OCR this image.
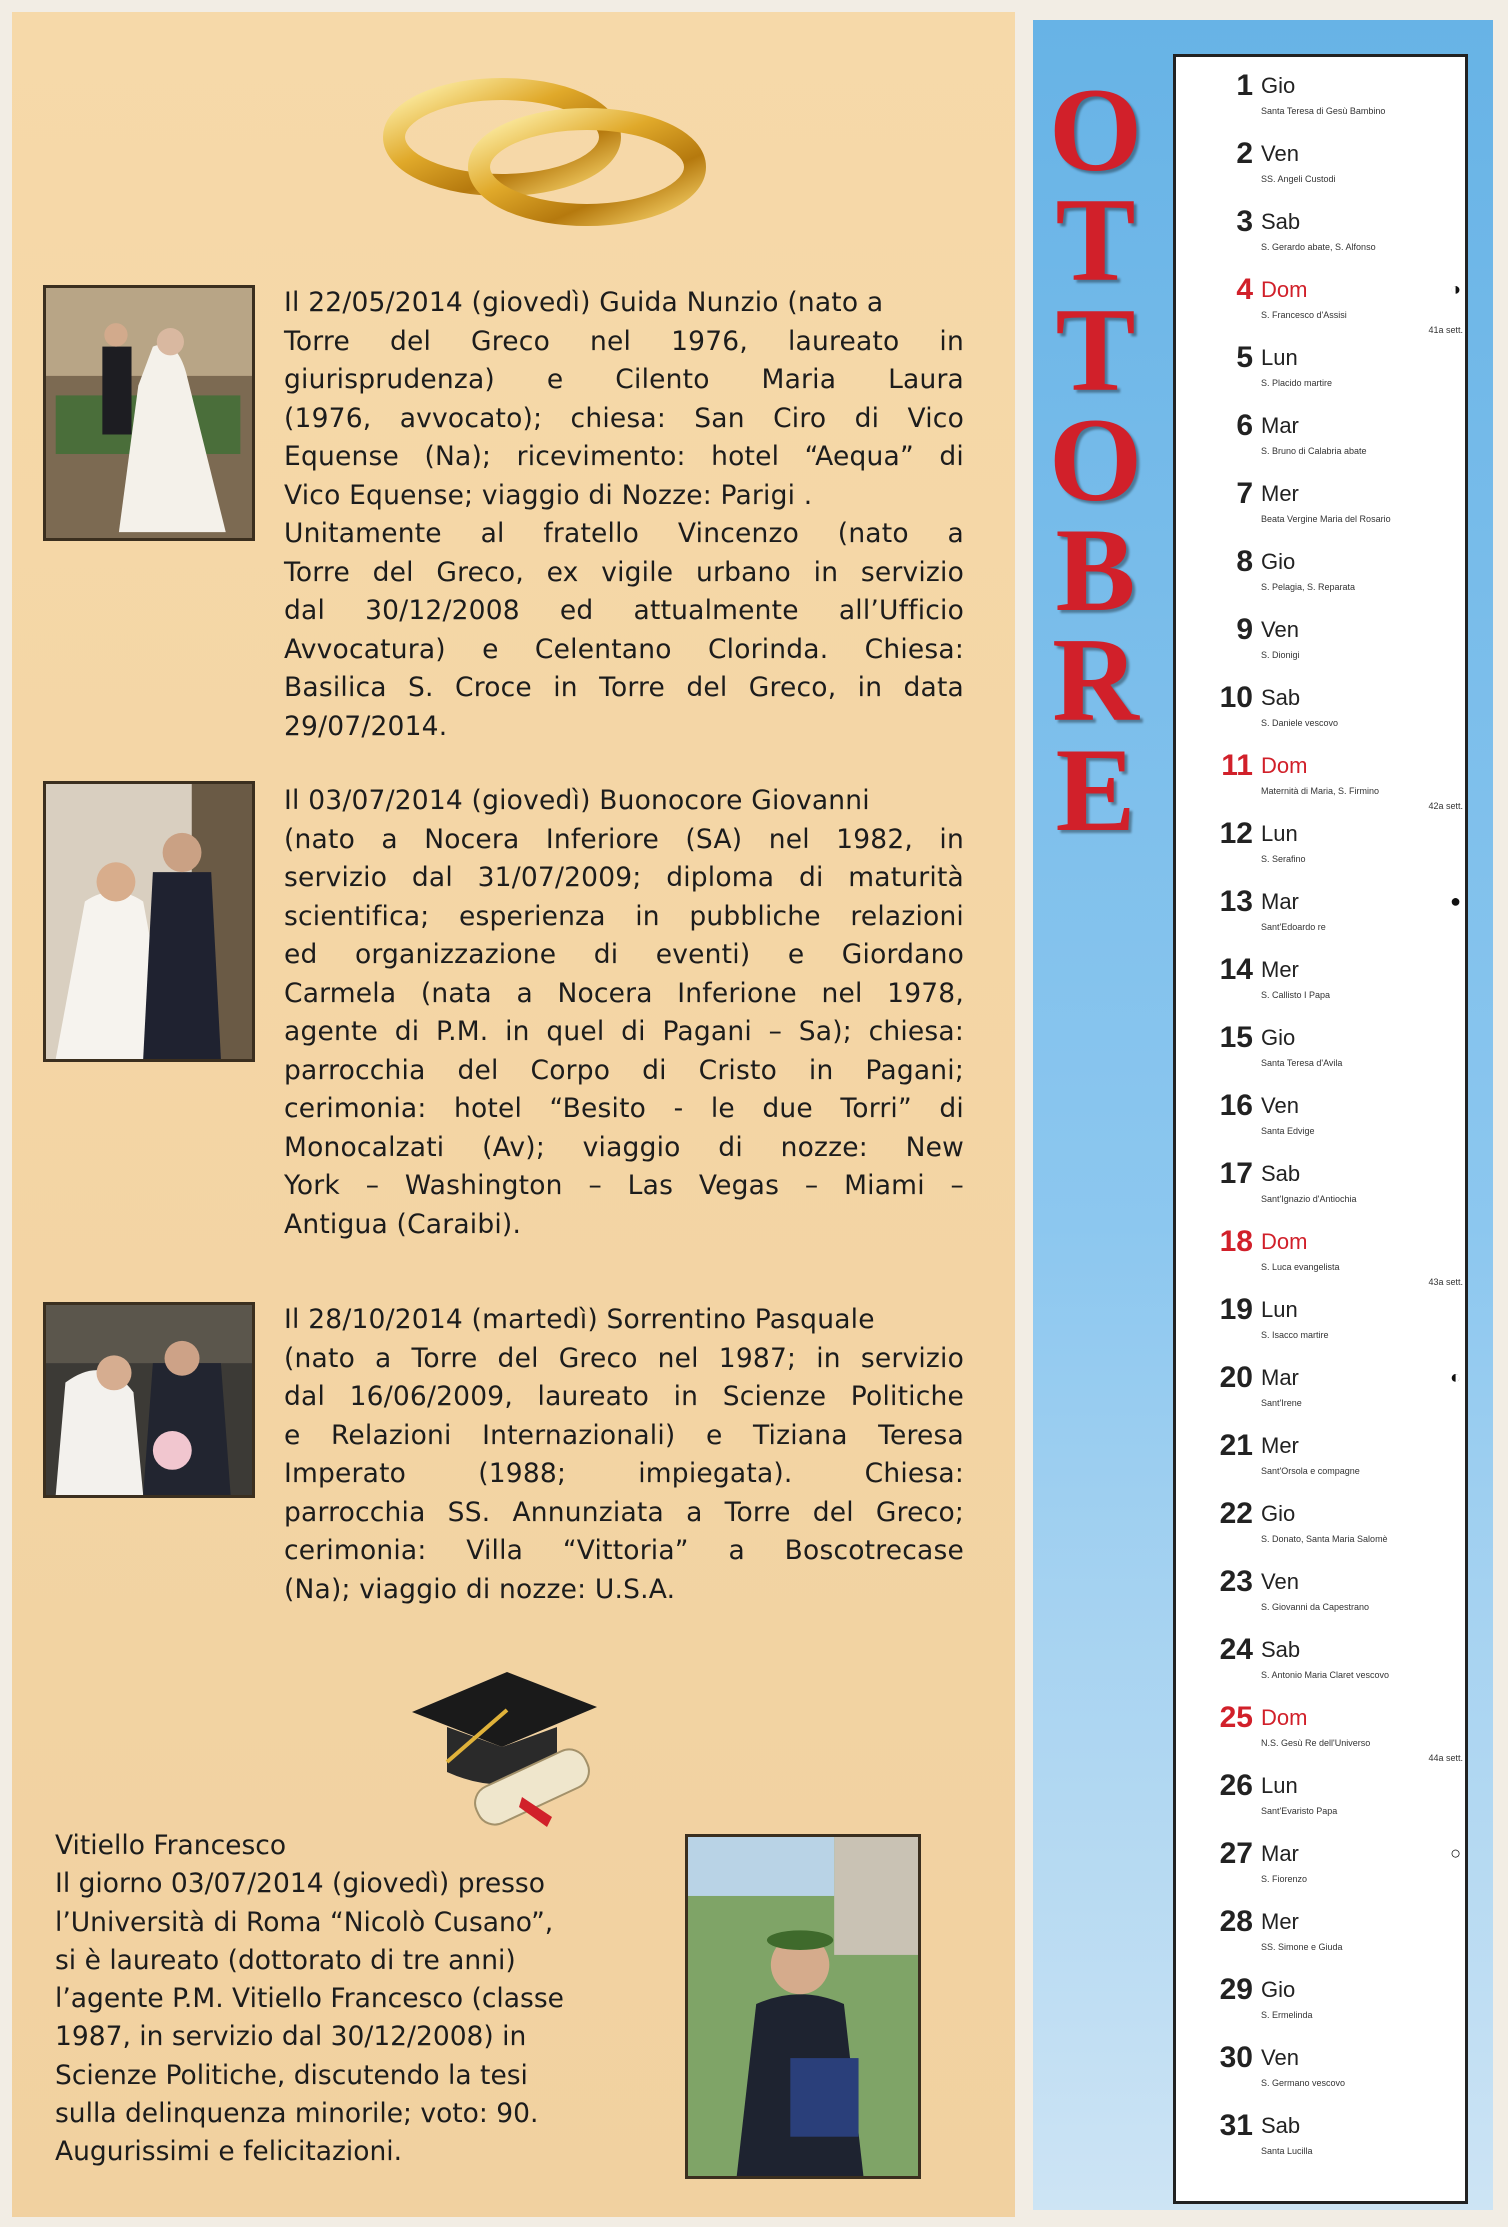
Il 22/05/2014 (giovedì) Guida Nunzio (nato a
Torre del Greco nel 1976, laureato in
giurisprudenza) e Cilento Maria Laura
(1976, avvocato); chiesa: San Ciro di Vico
Equense (Na); ricevimento: hotel “Aequa” di
Vico Equense; viaggio di Nozze: Parigi .
Unitamente al fratello Vincenzo (nato a
Torre del Greco, ex vigile urbano in servizio
dal 30/12/2008 ed attualmente all’Ufficio
Avvocatura) e Celentano Clorinda. Chiesa:
Basilica S. Croce in Torre del Greco, in data
29/07/2014.
Il 03/07/2014 (giovedì) Buonocore Giovanni
(nato a Nocera Inferiore (SA) nel 1982, in
servizio dal 31/07/2009; diploma di maturità
scientifica; esperienza in pubbliche relazioni
ed organizzazione di eventi) e Giordano
Carmela (nata a Nocera Inferione nel 1978,
agente di P.M. in quel di Pagani – Sa); chiesa:
parrocchia del Corpo di Cristo in Pagani;
cerimonia: hotel “Besito - le due Torri” di
Monocalzati (Av); viaggio di nozze: New
York – Washington – Las Vegas – Miami –
Antigua (Caraibi).
Il 28/10/2014 (martedì) Sorrentino Pasquale
(nato a Torre del Greco nel 1987; in servizio
dal 16/06/2009, laureato in Scienze Politiche
e Relazioni Internazionali) e Tiziana Teresa
Imperato (1988; impiegata). Chiesa:
parrocchia SS. Annunziata a Torre del Greco;
cerimonia: Villa “Vittoria” a Boscotrecase
(Na); viaggio di nozze: U.S.A.
Vitiello Francesco
Il giorno 03/07/2014 (giovedì) presso
l’Università di Roma “Nicolò Cusano”,
si è laureato (dottorato di tre anni)
l’agente P.M. Vitiello Francesco (classe
1987, in servizio dal 30/12/2008) in
Scienze Politiche, discutendo la tesi
sulla delinquenza minorile; voto: 90.
Augurissimi e felicitazioni.
O
T
T
O
B
R
E
1 Gio
Santa Teresa di Gesù Bambino
2 Ven
SS. Angeli Custodi
3 Sab
S. Gerardo abate, S. Alfonso
4 Dom
S. Francesco d'Assisi
◑
41a sett.
5 Lun
S. Placido martire
6 Mar
S. Bruno di Calabria abate
7 Mer
Beata Vergine Maria del Rosario
8 Gio
S. Pelagia, S. Reparata
9 Ven
S. Dionigi
10 Sab
S. Daniele vescovo
11 Dom
Maternità di Maria, S. Firmino
42a sett.
12 Lun
S. Serafino
13 Mar
Sant'Edoardo re
●
14 Mer
S. Callisto I Papa
15 Gio
Santa Teresa d'Avila
16 Ven
Santa Edvige
17 Sab
Sant'Ignazio d'Antiochia
18 Dom
S. Luca evangelista
43a sett.
19 Lun
S. Isacco martire
20 Mar
Sant'Irene
◐
21 Mer
Sant'Orsola e compagne
22 Gio
S. Donato, Santa Maria Salomè
23 Ven
S. Giovanni da Capestrano
24 Sab
S. Antonio Maria Claret vescovo
25 Dom
N.S. Gesù Re dell'Universo
44a sett.
26 Lun
Sant'Evaristo Papa
27 Mar
S. Fiorenzo
○
28 Mer
SS. Simone e Giuda
29 Gio
S. Ermelinda
30 Ven
S. Germano vescovo
31 Sab
Santa Lucilla
